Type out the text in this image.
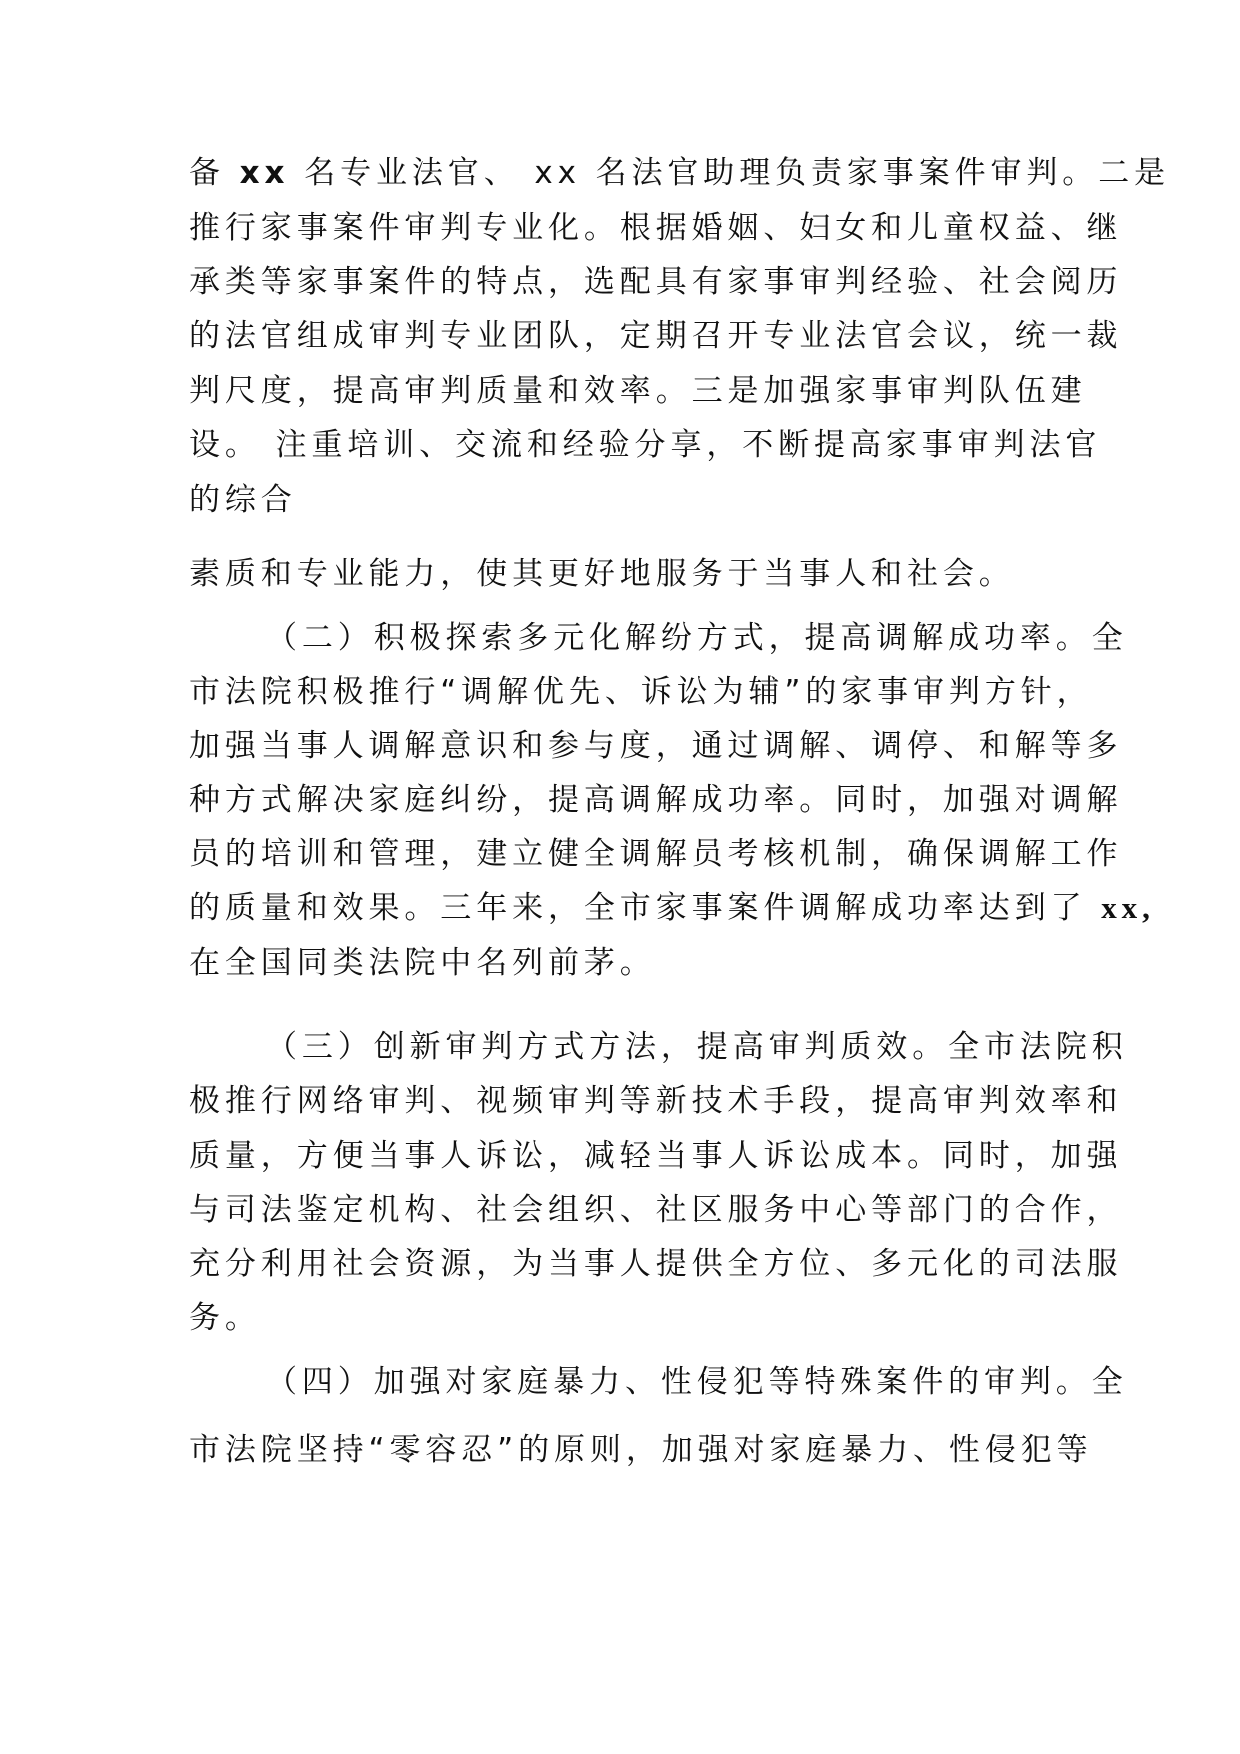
备 xx 名专业法官、 xx 名法官助理负责家事案件审判。二是
推行家事案件审判专业化。根据婚姻、妇女和儿童权益、继
承类等家事案件的特点，选配具有家事审判经验、社会阅历
的法官组成审判专业团队，定期召开专业法官会议，统一裁
判尺度，提高审判质量和效率。三是加强家事审判队伍建
设。 注重培训、交流和经验分享，不断提高家事审判法官
的综合
素质和专业能力，使其更好地服务于当事人和社会。
（二）积极探索多元化解纷方式，提高调解成功率。全
市法院积极推行“调解优先、诉讼为辅”的家事审判方针，
加强当事人调解意识和参与度，通过调解、调停、和解等多
种方式解决家庭纠纷，提高调解成功率。同时，加强对调解
员的培训和管理，建立健全调解员考核机制，确保调解工作
的质量和效果。三年来，全市家事案件调解成功率达到了 xx,
在全国同类法院中名列前茅。
（三）创新审判方式方法，提高审判质效。全市法院积
极推行网络审判、视频审判等新技术手段，提高审判效率和
质量，方便当事人诉讼，减轻当事人诉讼成本。同时，加强
与司法鉴定机构、社会组织、社区服务中心等部门的合作，
充分利用社会资源，为当事人提供全方位、多元化的司法服
务。
（四）加强对家庭暴力、性侵犯等特殊案件的审判。全
市法院坚持“零容忍”的原则，加强对家庭暴力、性侵犯等
